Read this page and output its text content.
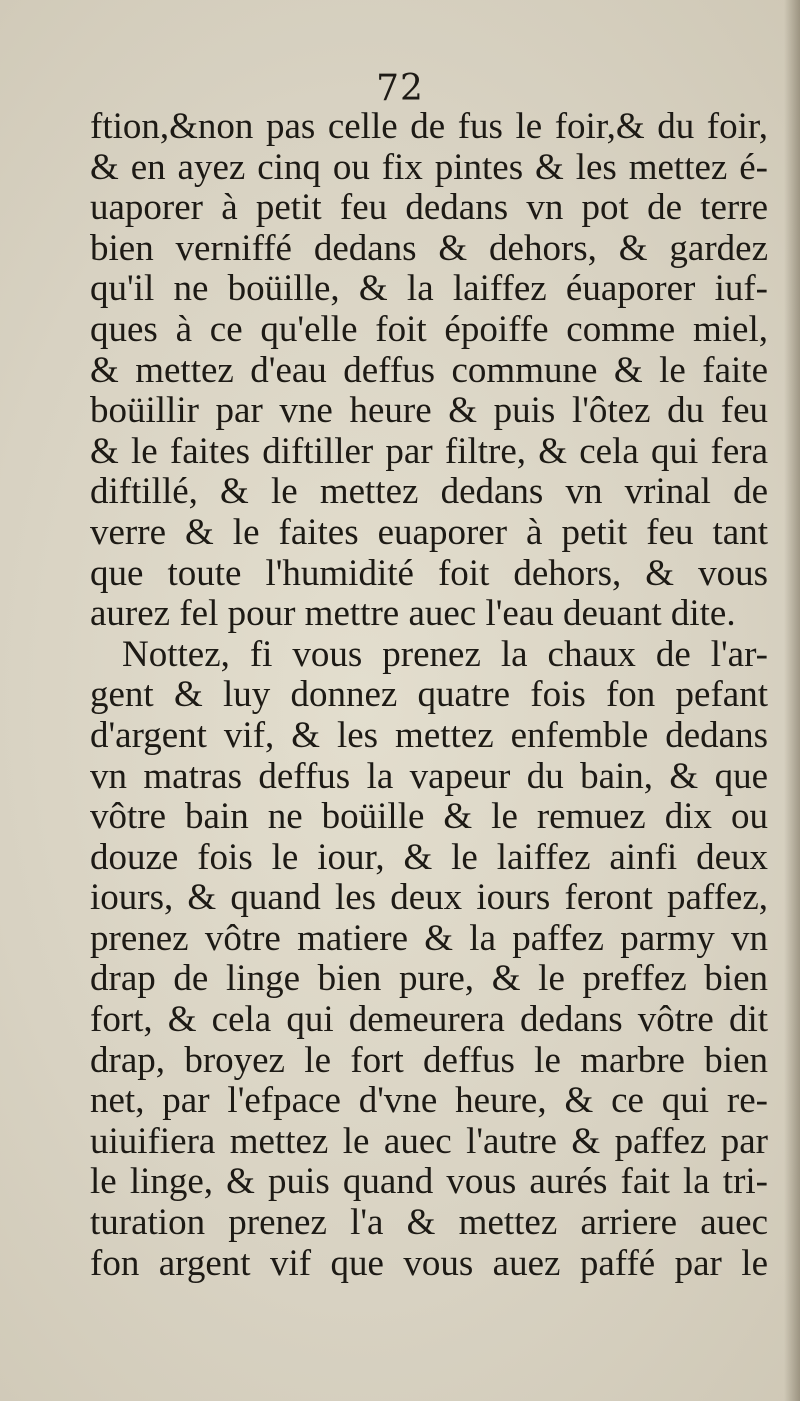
72
ftion,&non pas celle de fus le foir,& du foir,
& en ayez cinq ou fix pintes & les mettez é-
uaporer à petit feu dedans vn pot de terre
bien verniffé dedans & dehors, & gardez
qu'il ne boüille, & la laiffez éuaporer iuf-
ques à ce qu'elle foit époiffe comme miel,
& mettez d'eau deffus commune & le faite
boüillir par vne heure & puis l'ôtez du feu
& le faites diftiller par filtre, & cela qui fera
diftillé, & le mettez dedans vn vrinal de
verre & le faites euaporer à petit feu tant
que toute l'humidité foit dehors, & vous
aurez fel pour mettre auec l'eau deuant dite.
Nottez, fi vous prenez la chaux de l'ar-
gent & luy donnez quatre fois fon pefant
d'argent vif, & les mettez enfemble dedans
vn matras deffus la vapeur du bain, & que
vôtre bain ne boüille & le remuez dix ou
douze fois le iour, & le laiffez ainfi deux
iours, & quand les deux iours feront paffez,
prenez vôtre matiere & la paffez parmy vn
drap de linge bien pure, & le preffez bien
fort, & cela qui demeurera dedans vôtre dit
drap, broyez le fort deffus le marbre bien
net, par l'efpace d'vne heure, & ce qui re-
uiuifiera mettez le auec l'autre & paffez par
le linge, & puis quand vous aurés fait la tri-
turation prenez l'a & mettez arriere auec
fon argent vif que vous auez paffé par le
